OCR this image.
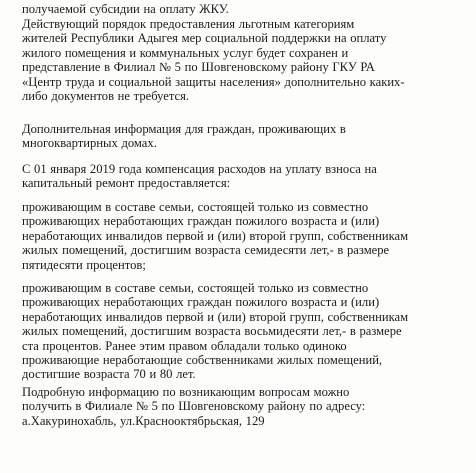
получаемой субсидии на оплату ЖКУ.

Действующий порядок предоставления льготным категориям
жителей Республики Адыгея мер социальной поддержки на оплату
жилого помещения и коммунальных услуг будет сохранен и
представление в Филиал № 5 по Шовгеновскому району ГКУ РА
«Центр труда и социальной защиты населения» дополнительно каких-
либо документов не требуется.

Дополнительная информация для граждан, проживающих в
многоквартирных домах.

С 01 января 2019 года компенсация расходов на уплату взноса на
капитальный ремонт предоставляется:

проживающим в составе семьи, состоящей только из совместно
проживающих неработающих граждан пожилого возраста и (или)
неработающих инвалидов первой и (или) второй групп, собственникам
жилых помещений, достигшим возраста семидесяти лет,- в размере
пятидесяти процентов;

проживающим в составе семьи, состоящей только из совместно
проживающих неработающих граждан пожилого возраста и (или)
неработающих инвалидов первой и (или) второй групп, собственникам
жилых помещений, достигшим возраста восьмидесяти лет,- в размере
ста процентов. Ранее этим правом обладали только одиноко
проживающие неработающие собственниками жилых помещений,
достигшие возраста 70 и 80 лет.

Подробную информацию по возникающим вопросам можно
получить в Филиале № 5 по Шовгеновскому району по адресу:
а.Хакуринохабль, ул.Краснооктябрьская, 129
